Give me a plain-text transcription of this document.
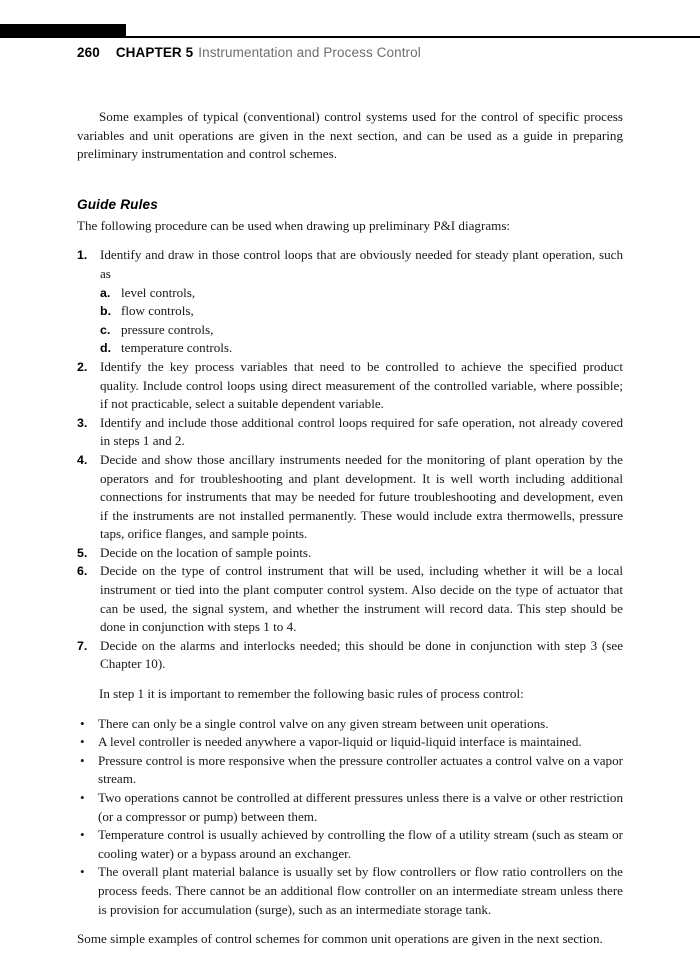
260 CHAPTER 5 Instrumentation and Process Control

Some examples of typical (conventional) control systems used for the control of specific process variables and unit operations are given in the next section, and can be used as a guide in preparing preliminary instrumentation and control schemes.

Guide Rules

The following procedure can be used when drawing up preliminary P&I diagrams:

1. Identify and draw in those control loops that are obviously needed for steady plant operation, such as
a. level controls,
b. flow controls,
c. pressure controls,
d. temperature controls.
2. Identify the key process variables that need to be controlled to achieve the specified product quality. Include control loops using direct measurement of the controlled variable, where possible; if not practicable, select a suitable dependent variable.
3. Identify and include those additional control loops required for safe operation, not already covered in steps 1 and 2.
4. Decide and show those ancillary instruments needed for the monitoring of plant operation by the operators and for troubleshooting and plant development. It is well worth including additional connections for instruments that may be needed for future troubleshooting and development, even if the instruments are not installed permanently. These would include extra thermowells, pressure taps, orifice flanges, and sample points.
5. Decide on the location of sample points.
6. Decide on the type of control instrument that will be used, including whether it will be a local instrument or tied into the plant computer control system. Also decide on the type of actuator that can be used, the signal system, and whether the instrument will record data. This step should be done in conjunction with steps 1 to 4.
7. Decide on the alarms and interlocks needed; this should be done in conjunction with step 3 (see Chapter 10).

In step 1 it is important to remember the following basic rules of process control:

•	There can only be a single control valve on any given stream between unit operations.
•	A level controller is needed anywhere a vapor-liquid or liquid-liquid interface is maintained.
•	Pressure control is more responsive when the pressure controller actuates a control valve on a vapor stream.
•	Two operations cannot be controlled at different pressures unless there is a valve or other restriction (or a compressor or pump) between them.
•	Temperature control is usually achieved by controlling the flow of a utility stream (such as steam or cooling water) or a bypass around an exchanger.
•	The overall plant material balance is usually set by flow controllers or flow ratio controllers on the process feeds. There cannot be an additional flow controller on an intermediate stream unless there is provision for accumulation (surge), such as an intermediate storage tank.

Some simple examples of control schemes for common unit operations are given in the next section.
